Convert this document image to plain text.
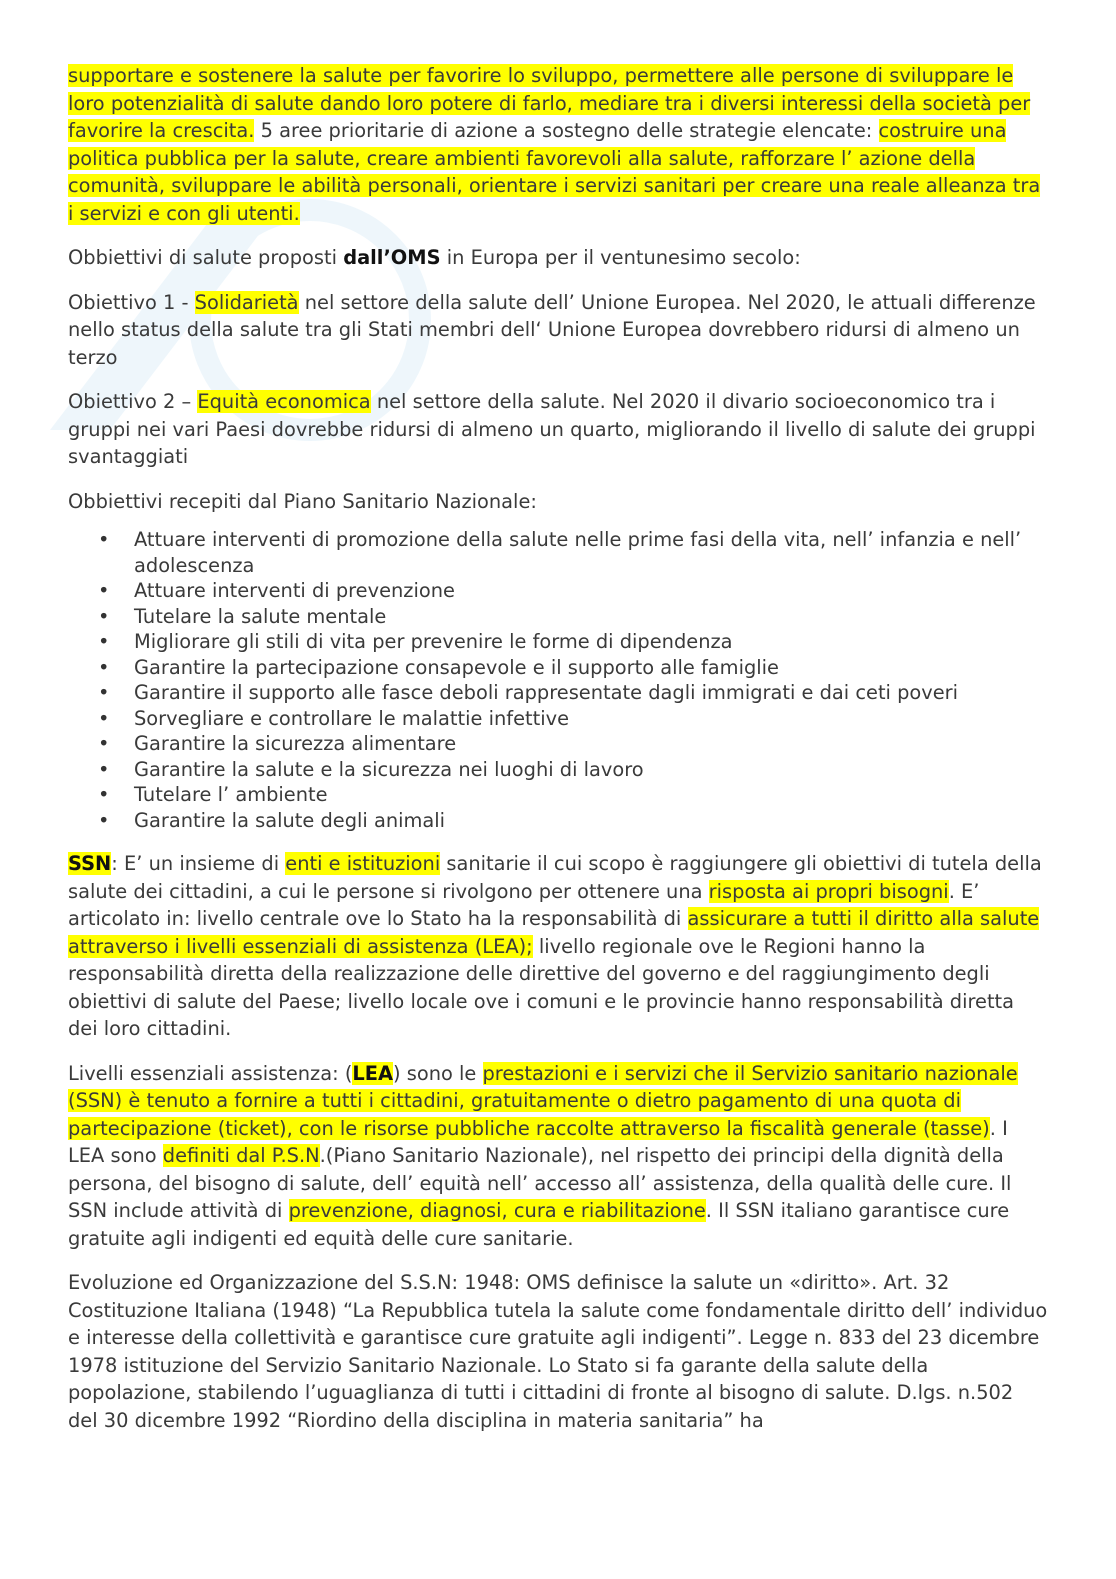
supportare e sostenere la salute per favorire lo sviluppo, permettere alle persone di sviluppare le loro potenzialità di salute dando loro potere di farlo, mediare tra i diversi interessi della società per favorire la crescita. 5 aree prioritarie di azione a sostegno delle strategie elencate: costruire una politica pubblica per la salute, creare ambienti favorevoli alla salute, rafforzare l’ azione della comunità, sviluppare le abilità personali, orientare i servizi sanitari per creare una reale alleanza tra i servizi e con gli utenti.

Obbiettivi di salute proposti dall’OMS in Europa per il ventunesimo secolo:

Obiettivo 1 - Solidarietà nel settore della salute dell’ Unione Europea. Nel 2020, le attuali differenze nello status della salute tra gli Stati membri dell‘ Unione Europea dovrebbero ridursi di almeno un terzo

Obiettivo 2 – Equità economica nel settore della salute. Nel 2020 il divario socioeconomico tra i gruppi nei vari Paesi dovrebbe ridursi di almeno un quarto, migliorando il livello di salute dei gruppi svantaggiati

Obbiettivi recepiti dal Piano Sanitario Nazionale:

• Attuare interventi di promozione della salute nelle prime fasi della vita, nell’ infanzia e nell’ adolescenza
• Attuare interventi di prevenzione
• Tutelare la salute mentale
• Migliorare gli stili di vita per prevenire le forme di dipendenza
• Garantire la partecipazione consapevole e il supporto alle famiglie
• Garantire il supporto alle fasce deboli rappresentate dagli immigrati e dai ceti poveri
• Sorvegliare e controllare le malattie infettive
• Garantire la sicurezza alimentare
• Garantire la salute e la sicurezza nei luoghi di lavoro
• Tutelare l’ ambiente
• Garantire la salute degli animali

SSN: E’ un insieme di enti e istituzioni sanitarie il cui scopo è raggiungere gli obiettivi di tutela della salute dei cittadini, a cui le persone si rivolgono per ottenere una risposta ai propri bisogni. E’ articolato in: livello centrale ove lo Stato ha la responsabilità di assicurare a tutti il diritto alla salute attraverso i livelli essenziali di assistenza (LEA); livello regionale ove le Regioni hanno la responsabilità diretta della realizzazione delle direttive del governo e del raggiungimento degli obiettivi di salute del Paese; livello locale ove i comuni e le provincie hanno responsabilità diretta dei loro cittadini.

Livelli essenziali assistenza: (LEA) sono le prestazioni e i servizi che il Servizio sanitario nazionale (SSN) è tenuto a fornire a tutti i cittadini, gratuitamente o dietro pagamento di una quota di partecipazione (ticket), con le risorse pubbliche raccolte attraverso la fiscalità generale (tasse). I LEA sono definiti dal P.S.N.(Piano Sanitario Nazionale), nel rispetto dei principi della dignità della persona, del bisogno di salute, dell’ equità nell’ accesso all’ assistenza, della qualità delle cure. Il SSN include attività di prevenzione, diagnosi, cura e riabilitazione. Il SSN italiano garantisce cure gratuite agli indigenti ed equità delle cure sanitarie.

Evoluzione ed Organizzazione del S.S.N: 1948: OMS definisce la salute un «diritto». Art. 32 Costituzione Italiana (1948) “La Repubblica tutela la salute come fondamentale diritto dell’ individuo e interesse della collettività e garantisce cure gratuite agli indigenti”. Legge n. 833 del 23 dicembre 1978 istituzione del Servizio Sanitario Nazionale. Lo Stato si fa garante della salute della popolazione, stabilendo l’uguaglianza di tutti i cittadini di fronte al bisogno di salute. D.lgs. n.502 del 30 dicembre 1992 “Riordino della disciplina in materia sanitaria” ha
